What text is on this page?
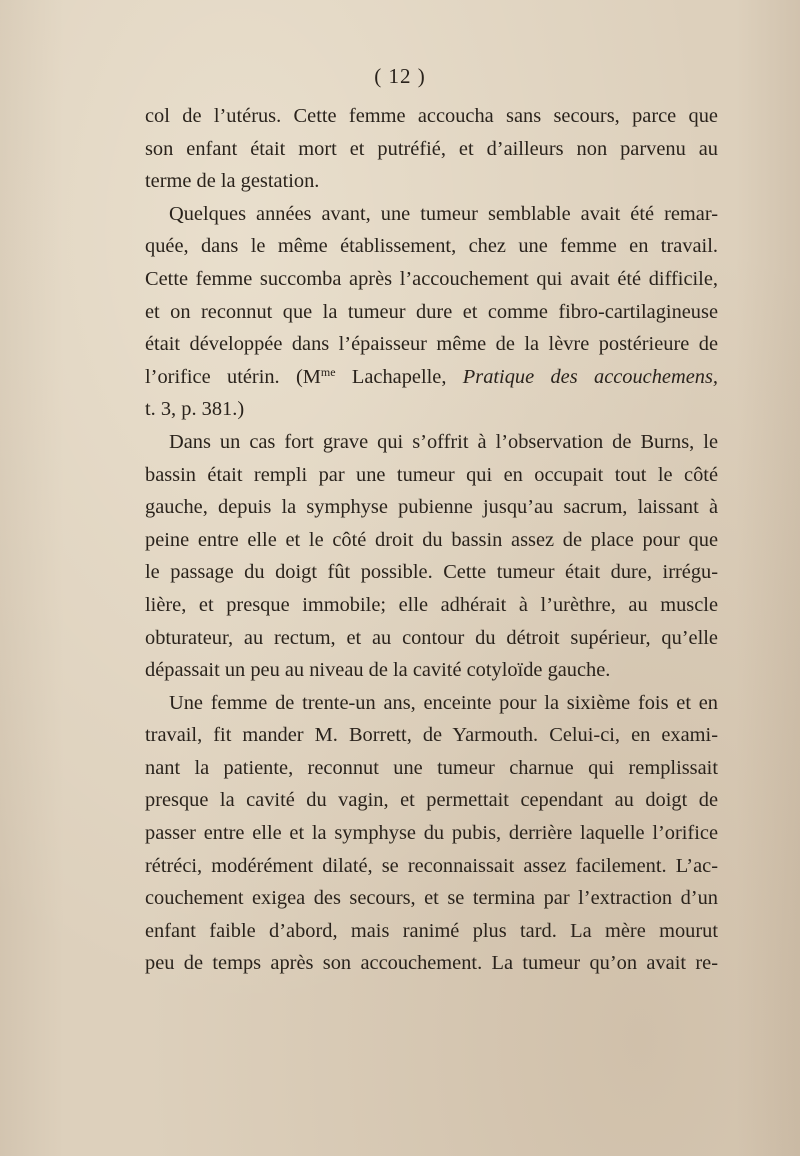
( 12 )
col de l’utérus. Cette femme accoucha sans secours, parce que
son enfant était mort et putréfié, et d’ailleurs non parvenu au
terme de la gestation.
Quelques années avant, une tumeur semblable avait été remar-
quée, dans le même établissement, chez une femme en travail.
Cette femme succomba après l’accouchement qui avait été difficile,
et on reconnut que la tumeur dure et comme fibro-cartilagineuse
était développée dans l’épaisseur même de la lèvre postérieure de
l’orifice utérin. ($M^{me}$ Lachapelle, Pratique des accouchemens,
t. 3, p. 381.)
Dans un cas fort grave qui s’offrit à l’observation de Burns, le
bassin était rempli par une tumeur qui en occupait tout le côté
gauche, depuis la symphyse pubienne jusqu’au sacrum, laissant à
peine entre elle et le côté droit du bassin assez de place pour que
le passage du doigt fût possible. Cette tumeur était dure, irrégu-
lière, et presque immobile; elle adhérait à l’urèthre, au muscle
obturateur, au rectum, et au contour du détroit supérieur, qu’elle
dépassait un peu au niveau de la cavité cotyloïde gauche.
Une femme de trente-un ans, enceinte pour la sixième fois et en
travail, fit mander M. Borrett, de Yarmouth. Celui-ci, en exami-
nant la patiente, reconnut une tumeur charnue qui remplissait
presque la cavité du vagin, et permettait cependant au doigt de
passer entre elle et la symphyse du pubis, derrière laquelle l’orifice
rétréci, modérément dilaté, se reconnaissait assez facilement. L’ac-
couchement exigea des secours, et se termina par l’extraction d’un
enfant faible d’abord, mais ranimé plus tard. La mère mourut
peu de temps après son accouchement. La tumeur qu’on avait re-
